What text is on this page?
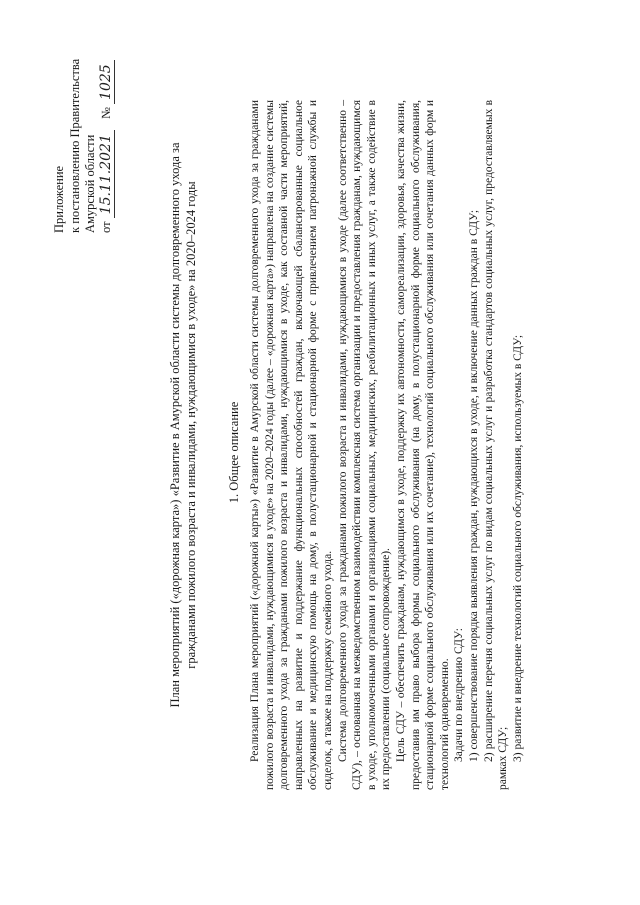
Приложение к постановлению Правительства Амурской области от 15.11.2021 № 1025
План мероприятий («дорожная карта») «Развитие в Амурской области системы долговременного ухода за гражданами пожилого возраста и инвалидами, нуждающимися в уходе» на 2020–2024 годы 1. Общее описание Реализация Плана мероприятий («дорожной карты») «Развитие в Амурской области системы долговременного ухода за гражданами пожилого возраста и инвалидами, нуждающимися в уходе» на 2020–2024 годы (далее – «дорожная карта») направлена на создание системы долговременного ухода за гражданами пожилого возраста и инвалидами, нуждающимися в уходе, как составной части мероприятий, направленных на развитие и поддержание функциональных способностей граждан, включающей сбалансированные социальное обслуживание и медицинскую помощь на дому, в полустационарной и стационарной форме с привлечением патронажной службы и сиделок, а также на поддержку семейного ухода. Система долговременного ухода за гражданами пожилого возраста и инвалидами, нуждающимися в уходе (далее соответственно – СДУ), – основанная на межведомственном взаимодействии комплексная система организации и предоставления гражданам, нуждающимся в уходе, уполномоченными органами и организациями социальных, медицинских, реабилитационных и иных услуг, а также содействие в их предоставлении (социальное сопровождение). Цель СДУ – обеспечить гражданам, нуждающимся в уходе, поддержку их автономности, самореализации, здоровья, качества жизни, предоставив им право выбора формы социального обслуживания (на дому, в полустационарной форме социального обслуживания, стационарной форме социального обслуживания или их сочетание), технологий социального обслуживания или сочетания данных форм и технологий одновременно. Задачи по внедрению СДУ: 1) совершенствование порядка выявления граждан, нуждающихся в уходе, и включение данных граждан в СДУ; 2) расширение перечня социальных услуг по видам социальных услуг и разработка стандартов социальных услуг, предоставляемых в рамках СДУ; 3) развитие и внедрение технологий социального обслуживания, используемых в СДУ;
